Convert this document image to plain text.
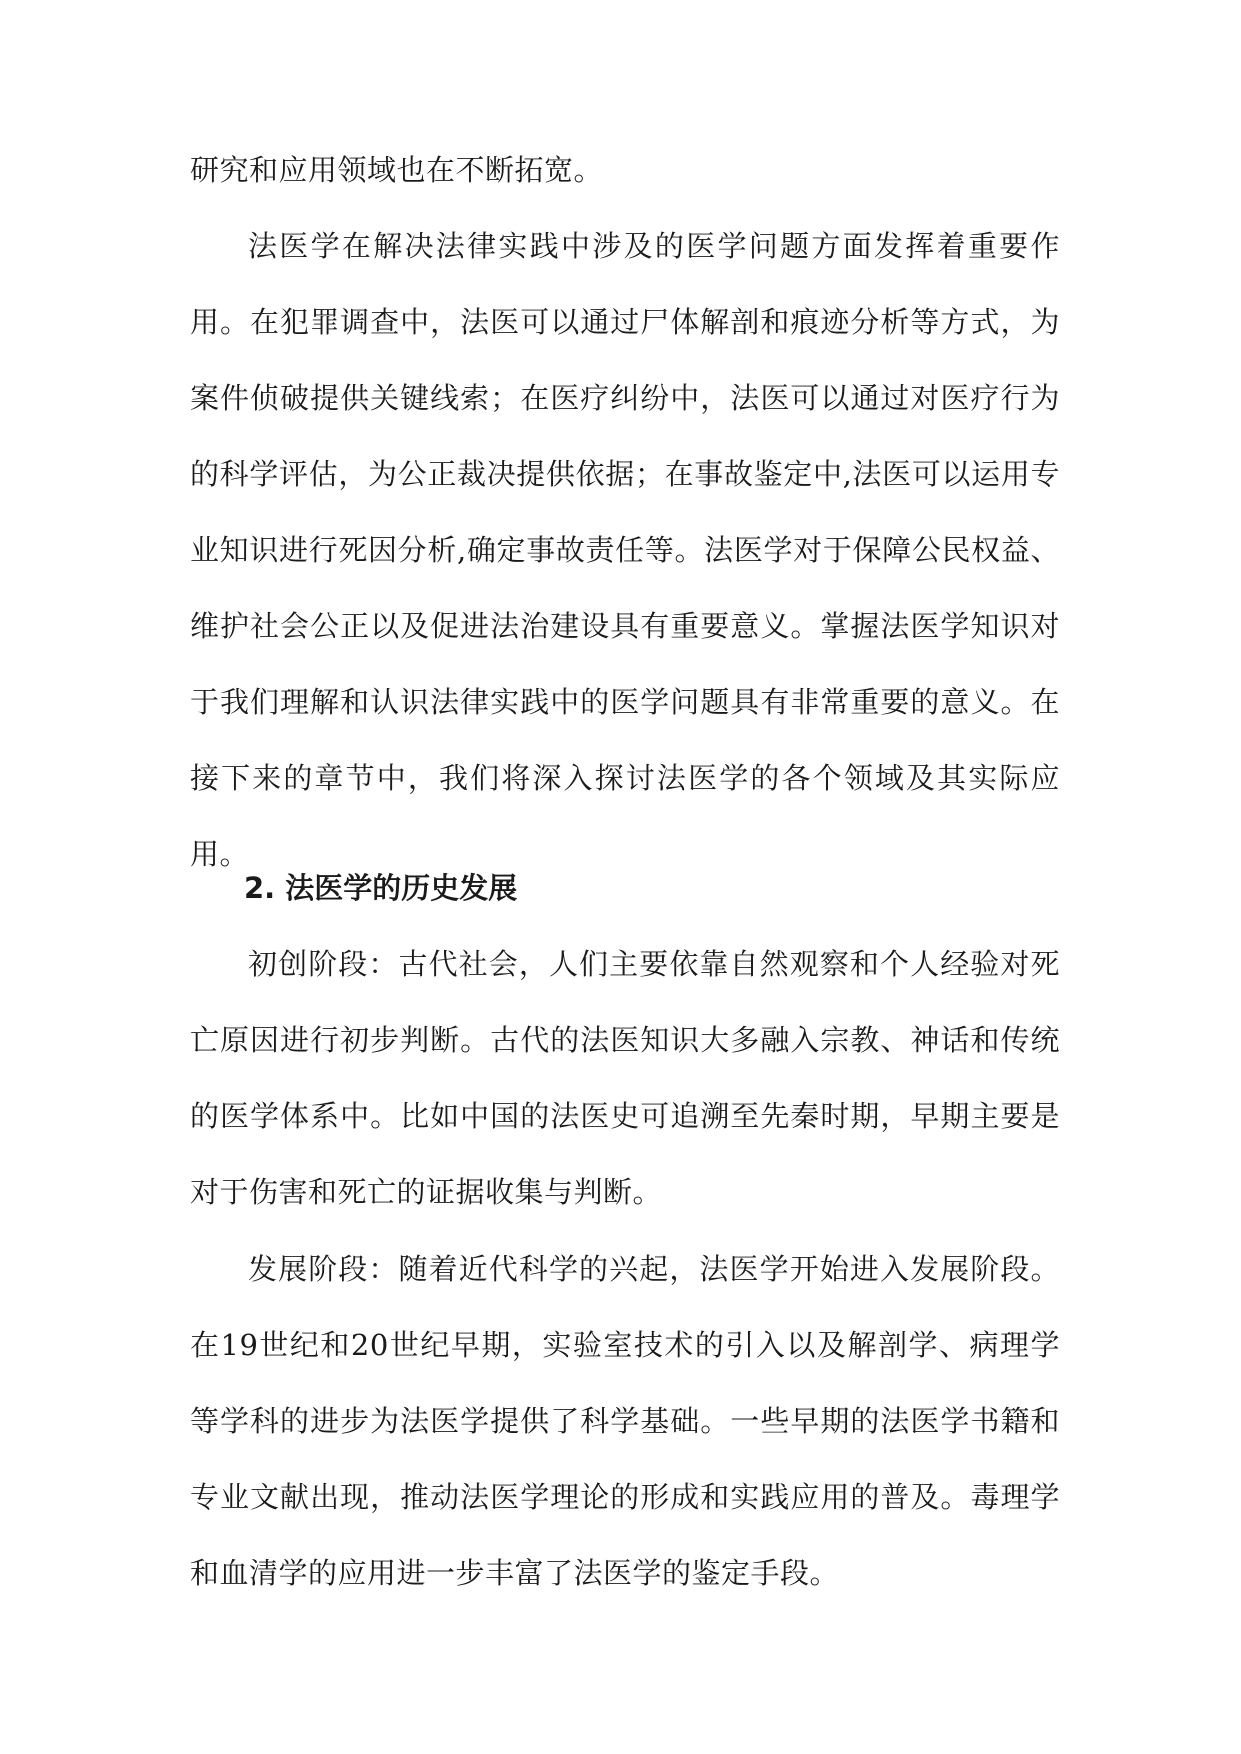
研究和应用领域也在不断拓宽。

法医学在解决法律实践中涉及的医学问题方面发挥着重要作用。在犯罪调查中，法医可以通过尸体解剖和痕迹分析等方式，为案件侦破提供关键线索；在医疗纠纷中，法医可以通过对医疗行为的科学评估，为公正裁决提供依据；在事故鉴定中,法医可以运用专业知识进行死因分析,确定事故责任等。法医学对于保障公民权益、维护社会公正以及促进法治建设具有重要意义。掌握法医学知识对于我们理解和认识法律实践中的医学问题具有非常重要的意义。在接下来的章节中，我们将深入探讨法医学的各个领域及其实际应用。

2. 法医学的历史发展

初创阶段：古代社会，人们主要依靠自然观察和个人经验对死亡原因进行初步判断。古代的法医知识大多融入宗教、神话和传统的医学体系中。比如中国的法医史可追溯至先秦时期，早期主要是对于伤害和死亡的证据收集与判断。

发展阶段：随着近代科学的兴起，法医学开始进入发展阶段。在19世纪和20世纪早期，实验室技术的引入以及解剖学、病理学等学科的进步为法医学提供了科学基础。一些早期的法医学书籍和专业文献出现，推动法医学理论的形成和实践应用的普及。毒理学和血清学的应用进一步丰富了法医学的鉴定手段。
